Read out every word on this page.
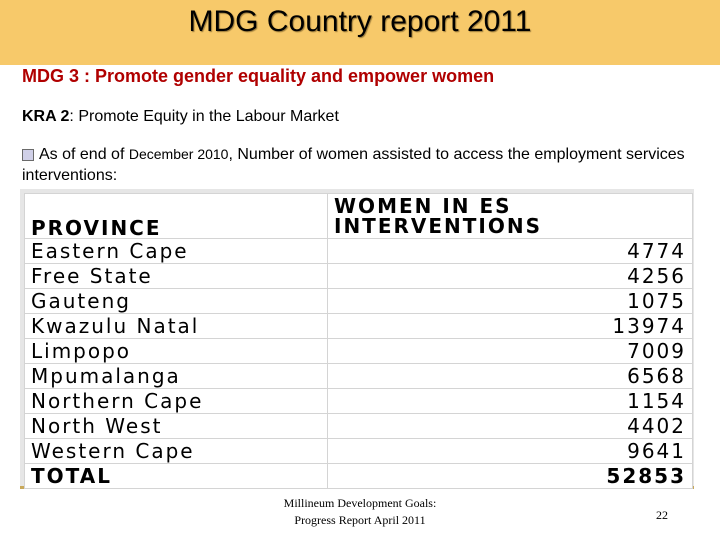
MDG Country report 2011
MDG 3 : Promote gender equality and empower women
KRA 2: Promote Equity in the Labour Market
As of end of December 2010, Number of women assisted to access the employment services interventions:
PROVINCE	WOMEN IN ES INTERVENTIONS
Eastern Cape	4774
Free State	4256
Gauteng	1075
Kwazulu Natal	13974
Limpopo	7009
Mpumalanga	6568
Northern Cape	1154
North West	4402
Western Cape	9641
TOTAL	52853
Millineum Development Goals:
Progress Report April 2011	22
